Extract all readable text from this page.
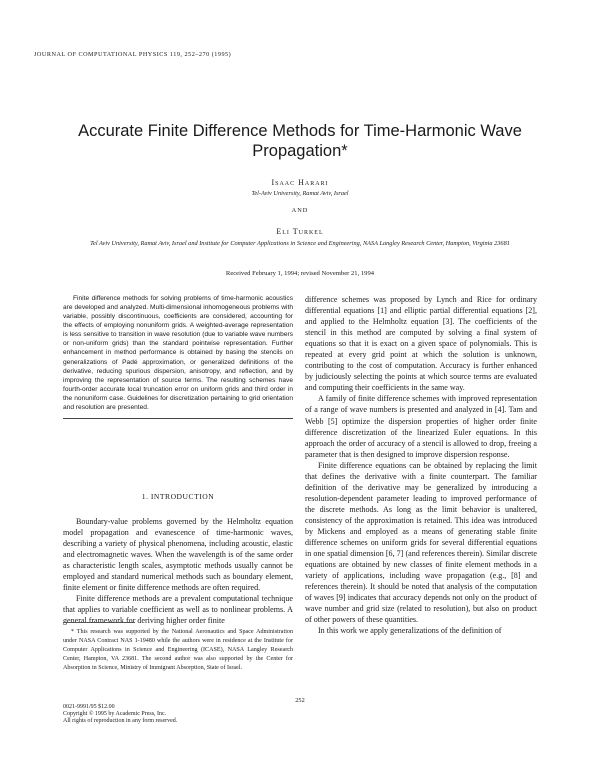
JOURNAL OF COMPUTATIONAL PHYSICS 119, 252–270 (1995)
Accurate Finite Difference Methods for Time-Harmonic Wave Propagation*
Isaac Harari
Tel-Aviv University, Ramat Aviv, Israel
AND
Eli Turkel
Tel Aviv University, Ramat Aviv, Israel and Institute for Computer Applications in Science and Engineering, NASA Langley Research Center, Hampton, Virginia 23681
Received February 1, 1994; revised November 21, 1994

Finite difference methods for solving problems of time-harmonic acoustics are developed and analyzed. Multi-dimensional inhomogeneous problems with variable, possibly discontinuous, coefficients are considered, accounting for the effects of employing nonuniform grids. A weighted-average representation is less sensitive to transition in wave resolution (due to variable wave numbers or non-uniform grids) than the standard pointwise representation. Further enhancement in method performance is obtained by basing the stencils on generalizations of Padé approximation, or generalized definitions of the derivative, reducing spurious dispersion, anisotropy, and reflection, and by improving the representation of source terms. The resulting schemes have fourth-order accurate local truncation error on uniform grids and third order in the nonuniform case. Guidelines for discretization pertaining to grid orientation and resolution are presented.

1. INTRODUCTION

Boundary-value problems governed by the Helmholtz equation model propagation and evanescence of time-harmonic waves, describing a variety of physical phenomena, including acoustic, elastic and electromagnetic waves. When the wavelength is of the same order as characteristic length scales, asymptotic methods usually cannot be employed and standard numerical methods such as boundary element, finite element or finite difference methods are often required.

Finite difference methods are a prevalent computational technique that applies to variable coefficient as well as to nonlinear problems. A general framework for deriving higher order finite

* This research was supported by the National Aeronautics and Space Administration under NASA Contract NAS 1-19480 while the authors were in residence at the Institute for Computer Applications in Science and Engineering (ICASE), NASA Langley Research Center, Hampton, VA 23681. The second author was also supported by the Center for Absorption in Science, Ministry of Immigrant Absorption, State of Israel.

difference schemes was proposed by Lynch and Rice for ordinary differential equations [1] and elliptic partial differential equations [2], and applied to the Helmholtz equation [3]. The coefficients of the stencil in this method are computed by solving a final system of equations so that it is exact on a given space of polynomials. This is repeated at every grid point at which the solution is unknown, contributing to the cost of computation. Accuracy is further enhanced by judiciously selecting the points at which source terms are evaluated and computing their coefficients in the same way.

A family of finite difference schemes with improved representation of a range of wave numbers is presented and analyzed in [4]. Tam and Webb [5] optimize the dispersion properties of higher order finite difference discretization of the linearized Euler equations. In this approach the order of accuracy of a stencil is allowed to drop, freeing a parameter that is then designed to improve dispersion response.

Finite difference equations can be obtained by replacing the limit that defines the derivative with a finite counterpart. The familiar definition of the derivative may be generalized by introducing a resolution-dependent parameter leading to improved performance of the discrete methods. As long as the limit behavior is unaltered, consistency of the approximation is retained. This idea was introduced by Mickens and employed as a means of generating stable finite difference schemes on uniform grids for several differential equations in one spatial dimension [6, 7] (and references therein). Similar discrete equations are obtained by new classes of finite element methods in a variety of applications, including wave propagation (e.g., [8] and references therein). It should be noted that analysis of the computation of waves [9] indicates that accuracy depends not only on the product of wave number and grid size (related to resolution), but also on product of other powers of these quantities.

In this work we apply generalizations of the definition of

252
0021-9991/95 $12.00
Copyright © 1995 by Academic Press, Inc.
All rights of reproduction in any form reserved.
